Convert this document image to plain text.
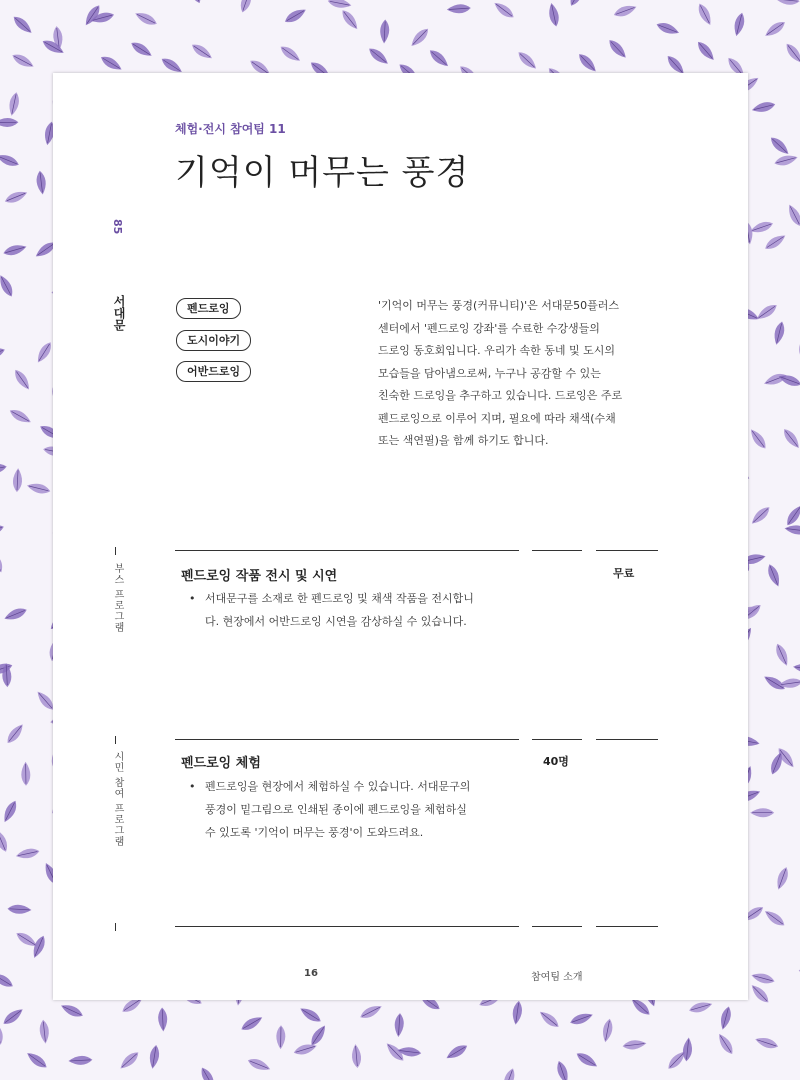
체험·전시 참여팀 11
기억이 머무는 풍경
85
서대문	펜드로잉
도시이야기
어반드로잉

'기억이 머무는 풍경(커뮤니티)'은 서대문50플러스

센터에서 '펜드로잉 강좌'를 수료한 수강생들의

드로잉 동호회입니다. 우리가 속한 동네 및 도시의

모습들을 담아냄으로써, 누구나 공감할 수 있는

친숙한 드로잉을 추구하고 있습니다. 드로잉은 주로

펜드로잉으로 이루어 지며, 필요에 따라 채색(수채

또는 색연필)을 함께 하기도 합니다.

부스 프로그램	펜드로잉 작품 전시 및 시연	무료
• 서대문구를 소재로 한 펜드로잉 및 채색 작품을 전시합니
다. 현장에서 어반드로잉 시연을 감상하실 수 있습니다.
시민 참여 프로그램	펜드로잉 체험	40명
• 펜드로잉을 현장에서 체험하실 수 있습니다. 서대문구의
풍경이 밑그림으로 인쇄된 종이에 펜드로잉을 체험하실
수 있도록 '기억이 머무는 풍경'이 도와드려요.
16	참여팀 소개
